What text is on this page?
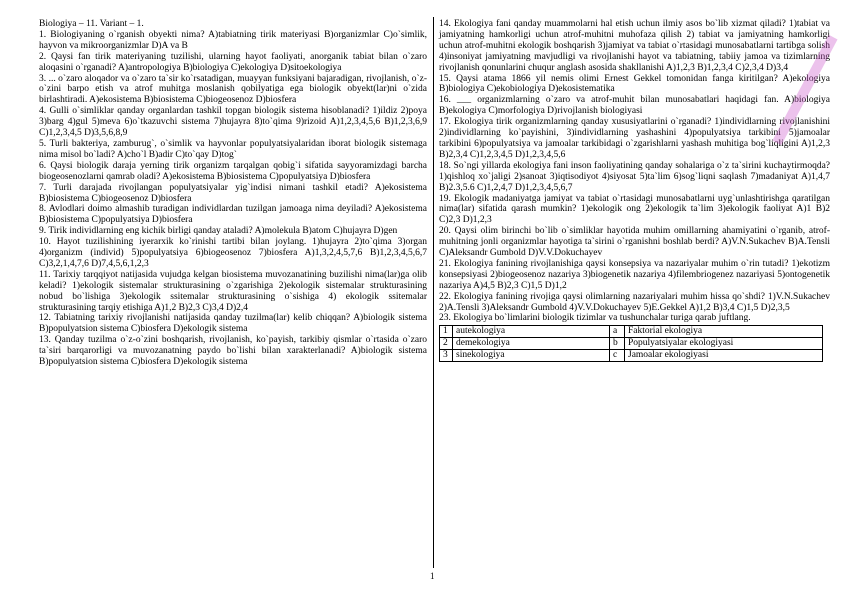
Biologiya – 11. Variant – 1.

1. Biologiyaning o`rganish obyekti nima? A)tabiatning tirik materiyasi B)organizmlar C)o`simlik, hayvon va mikroorganizmlar D)A va B

2. Qaysi fan tirik materiyaning tuzilishi, ularning hayot faoliyati, anorganik tabiat bilan o`zaro aloqasini o`rganadi? A)antropologiya B)biologiya C)ekologiya D)sitoekologiya

3. ... o`zaro aloqador va o`zaro ta`sir ko`rsatadigan, muayyan funksiyani bajaradigan, rivojlanish, o`z-o`zini barpo etish va atrof muhitga moslanish qobilyatiga ega biologik obyekt(lar)ni o`zida birlashtiradi. A)ekosistema B)biosistema C)biogeosenoz D)biosfera

4. Gulli o`simliklar qanday organlardan tashkil topgan biologik sistema hisoblanadi? 1)ildiz 2)poya 3)barg 4)gul 5)meva 6)o`tkazuvchi sistema 7)hujayra 8)to`qima 9)rizoid A)1,2,3,4,5,6 B)1,2,3,6,9 C)1,2,3,4,5 D)3,5,6,8,9

5. Turli bakteriya, zamburug`, o`simlik va hayvonlar populyatsiyalaridan iborat biologik sistemaga nima misol bo`ladi? A)cho`l B)adir C)to`qay D)tog`

6. Qaysi biologik daraja yerning tirik organizm tarqalgan qobig`i sifatida sayyoramizdagi barcha biogeosenozlarni qamrab oladi? A)ekosistema B)biosistema C)populyatsiya D)biosfera

7. Turli darajada rivojlangan populyatsiyalar yig`indisi nimani tashkil etadi? A)ekosistema B)biosistema C)biogeosenoz D)biosfera

8. Avlodlari doimo almashib turadigan individlardan tuzilgan jamoaga nima deyiladi? A)ekosistema B)biosistema C)populyatsiya D)biosfera

9. Tirik individlarning eng kichik birligi qanday ataladi? A)molekula B)atom C)hujayra D)gen

10. Hayot tuzilishining iyerarxik ko`rinishi tartibi bilan joylang. 1)hujayra 2)to`qima 3)organ 4)organizm (individ) 5)populyatsiya 6)biogeosenoz 7)biosfera A)1,3,2,4,5,7,6 B)1,2,3,4,5,6,7 C)3,2,1,4,7,6 D)7,4,5,6,1,2,3

11. Tarixiy tarqqiyot natijasida vujudga kelgan biosistema muvozanatining buzilishi nima(lar)ga olib keladi? 1)ekologik sistemalar strukturasining o`zgarishiga 2)ekologik sistemalar strukturasining nobud bo`lishiga 3)ekologik ssitemalar strukturasining o`sishiga 4) ekologik ssitemalar strukturasining tarqiy etishiga A)1,2 B)2,3 C)3,4 D)2,4

12. Tabiatning tarixiy rivojlanishi natijasida qanday tuzilma(lar) kelib chiqqan? A)biologik sistema B)populyatsion sistema C)biosfera D)ekologik sistema

13. Qanday tuzilma o`z-o`zini boshqarish, rivojlanish, ko`payish, tarkibiy qismlar o`rtasida o`zaro ta`siri barqarorligi va muvozanatning paydo bo`lishi bilan xarakterlanadi? A)biologik sistema B)populyatsion sistema C)biosfera D)ekologik sistema

14. Ekologiya fani qanday muammolarni hal etish uchun ilmiy asos bo`lib xizmat qiladi? 1)tabiat va jamiyatning hamkorligi uchun atrof-muhitni muhofaza qilish 2) tabiat va jamiyatning hamkorligi uchun atrof-muhitni ekologik boshqarish 3)jamiyat va tabiat o`rtasidagi munosabatlarni tartibga solish 4)insoniyat jamiyatning mavjudligi va rivojlanishi hayot va tabiatning, tabiiy jamoa va tizimlarning rivojlanish qonunlarini chuqur anglash asosida shakllanishi A)1,2,3 B)1,2,3,4 C)2,3,4 D)3,4

15. Qaysi atama 1866 yil nemis olimi Ernest Gekkel tomonidan fanga kiritilgan? A)ekologiya B)biologiya C)ekobiologiya D)ekosistematika

16. ___ organizmlarning o`zaro va atrof-muhit bilan munosabatlari haqidagi fan. A)biologiya B)ekologiya C)morfologiya D)rivojlanish biologiyasi

17. Ekologiya tirik organizmlarning qanday xususiyatlarini o`rganadi? 1)individlarning rivojlanishini 2)individlarning ko`payishini, 3)individlarning yashashini 4)populyatsiya tarkibini 5)jamoalar tarkibini 6)populyatsiya va jamoalar tarkibidagi o`zgarishlarni yashash muhitiga bog`liqligini A)1,2,3 B)2,3,4 C)1,2,3,4,5 D)1,2,3,4,5,6

18. So`ngi yillarda ekologiya fani inson faoliyatining qanday sohalariga o`z ta`sirini kuchaytirmoqda? 1)qishloq xo`jaligi 2)sanoat 3)iqtisodiyot 4)siyosat 5)ta`lim 6)sog`liqni saqlash 7)madaniyat A)1,4,7 B)2.3,5.6 C)1,2,4,7 D)1,2,3,4,5,6,7

19. Ekologik madaniyatga jamiyat va tabiat o`rtasidagi munosabatlarni uyg`unlashtirishga qaratilgan nima(lar) sifatida qarash mumkin? 1)ekologik ong 2)ekologik ta`lim 3)ekologik faoliyat A)1 B)2 C)2,3 D)1,2,3

20. Qaysi olim birinchi bo`lib o`simliklar hayotida muhim omillarning ahamiyatini o`rganib, atrof-muhitning jonli organizmlar hayotiga ta`sirini o`rganishni boshlab berdi? A)V.N.Sukachev B)A.Tensli C)Aleksandr Gumbold D)V.V.Dokuchayev

21. Ekologiya fanining rivojlanishiga qaysi konsepsiya va nazariyalar muhim o`rin tutadi? 1)ekotizm konsepsiyasi 2)biogeosenoz nazariya 3)biogenetik nazariya 4)filembriogenez nazariyasi 5)ontogenetik nazariya A)4,5 B)2,3 C)1,5 D)1,2

22. Ekologiya fanining rivojiga qaysi olimlarning nazariyalari muhim hissa qo`shdi? 1)V.N.Sukachev 2)A.Tensli 3)Aleksandr Gumbold 4)V.V.Dokuchayev 5)E.Gekkel A)1,2 B)3,4 C)1,5 D)2,3,5

23. Ekologiya bo`limlarini biologik tizimlar va tushunchalar turiga qarab juftlang.

1	autekologiya	a	Faktorial ekologiya
2	demekologiya	b	Populyatsiyalar ekologiyasi
3	sinekologiya	c	Jamoalar ekologiyasi
1
